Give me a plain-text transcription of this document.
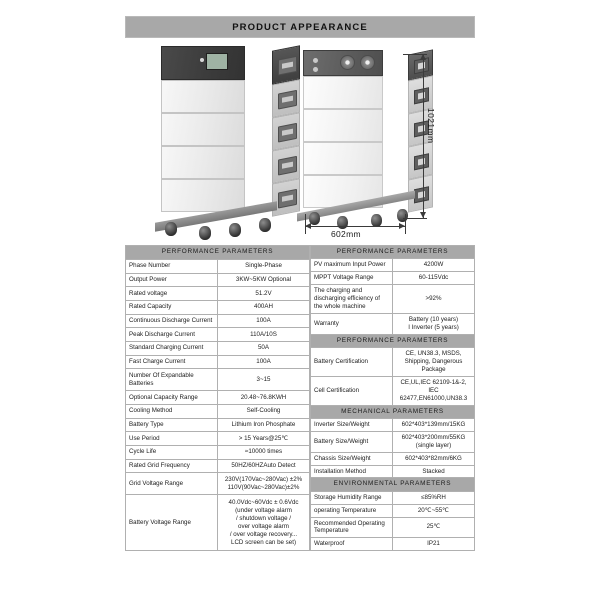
PRODUCT APPEARANCE
1021mm
602mm
PERFORMANCE PARAMETERS	
Phase Number	Single-Phase
Output Power	3KW~5KW Optional
Rated voltage	51.2V
Rated Capacity	400AH
Continuous Discharge Current	100A
Peak Discharge Current	110A/10S
Standard Charging Current	50A
Fast Charge Current	100A
Number Of Expandable Batteries	3~15
Optional Capacity Range	20.48~76.8KWH
Cooling Method	Self-Cooling
Battery Type	Lithium Iron Phosphate
Use Period	> 15 Years@25℃
Cycle Life	≈10000 times
Rated Grid Frequency	50HZ/60HZAuto Detect
Grid Voltage Range	230V(170Vac~280Vac) ±2%
110V(90Vac~280Vac)±2%
Battery Voltage Range	40.0Vdc~60Vdc ± 0.6Vdc
(under voltage alarm
/ shutdown voltage /
over voltage alarm
/ over voltage recovery...
LCD screen can be set)
PERFORMANCE PARAMETERS	
PV maximum Input Power	4200W
MPPT Voltage Range	60-115Vdc
The charging and discharging efficiency of the whole machine	>92%
Warranty	Battery (10 years)
I Inverter (5 years)
PERFORMANCE PARAMETERS	
Battery Certification	CE, UN38.3, MSDS, Shipping, Dangerous Package
Cell Certification	CE,UL,IEC 62109-1&-2, IEC 62477,EN61000,UN38.3
MECHANICAL PARAMETERS	
Inverter Size/Weight	602*403*139mm/15KG
Battery Size/Weight	602*403*200mm/55KG
(single layer)
Chassis Size/Weight	602*403*82mm/6KG
Installation Method	Stacked
ENVIRONMENTAL PARAMETERS	
Storage Humidity Range	≤85%RH
operating Temperature	20℃~55℃
Recommended Operating Temperature	25℃
Waterproof	IP21
